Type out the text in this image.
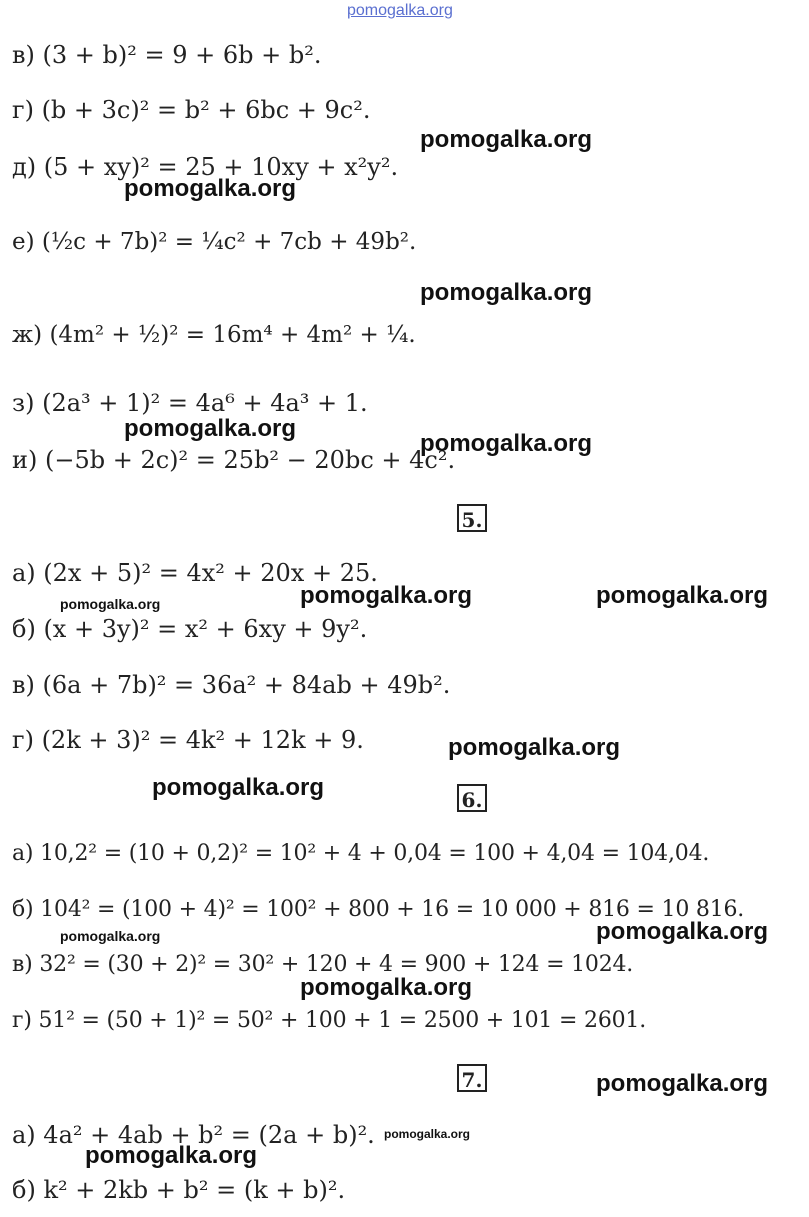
pomogalka.org
в) (3 + b)² = 9 + 6b + b².
г) (b + 3c)² = b² + 6bc + 9c².
д) (5 + xy)² = 25 + 10xy + x²y².
е) (½c + 7b)² = ¼c² + 7cb + 49b².
ж) (4m² + ½)² = 16m⁴ + 4m² + ¼.
з) (2a³ + 1)² = 4a⁶ + 4a³ + 1.
и) (−5b + 2c)² = 25b² − 20bc + 4c².
5.
а) (2x + 5)² = 4x² + 20x + 25.
б) (x + 3y)² = x² + 6xy + 9y².
в) (6a + 7b)² = 36a² + 84ab + 49b².
г) (2k + 3)² = 4k² + 12k + 9.
6.
а) 10,2² = (10 + 0,2)² = 10² + 4 + 0,04 = 100 + 4,04 = 104,04.
б) 104² = (100 + 4)² = 100² + 800 + 16 = 10 000 + 816 = 10 816.
в) 32² = (30 + 2)² = 30² + 120 + 4 = 900 + 124 = 1024.
г) 51² = (50 + 1)² = 50² + 100 + 1 = 2500 + 101 = 2601.
7.
а) 4a² + 4ab + b² = (2a + b)².
б) k² + 2kb + b² = (k + b)².
pomogalka.org
pomogalka.org
pomogalka.org
pomogalka.org
pomogalka.org
pomogalka.org	pomogalka.org	pomogalka.org
pomogalka.org
pomogalka.org
pomogalka.org	pomogalka.org
pomogalka.org
pomogalka.org
pomogalka.org
pomogalka.org
